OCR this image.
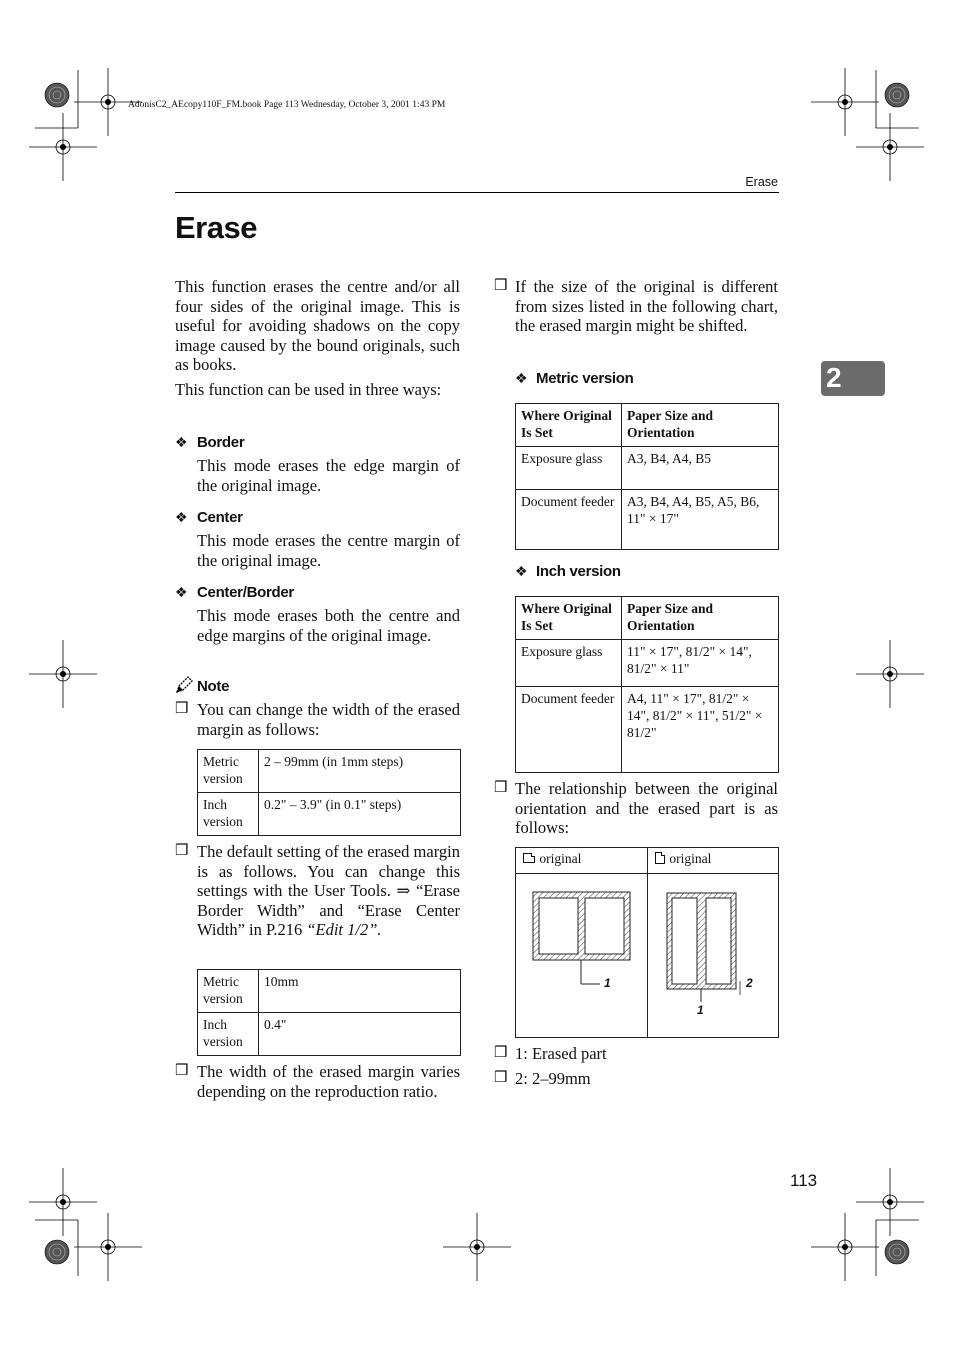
AdonisC2_AEcopy110F_FM.book Page 113 Wednesday, October 3, 2001 1:43 PM
Erase
Erase
2

This function erases the centre and/or all four sides of the original image. This is useful for avoiding shadows on the copy image caused by the bound originals, such as books.

This function can be used in three ways:

❖ Border

This mode erases the edge margin of the original image.

❖ Center

This mode erases the centre margin of the original image.

❖ Center/Border

This mode erases both the centre and edge margins of the original image.

Note
❒ You can change the width of the erased margin as follows:

Metric version	2 – 99mm (in 1mm steps)
Inch version	0.2" – 3.9" (in 0.1" steps)
❒ The default setting of the erased margin is as follows. You can change this settings with the User Tools. ⇒ “Erase Border Width” and “Erase Center Width” in P.216 “Edit 1/2”.

Metric version	10mm
Inch version	0.4"
❒ The width of the erased margin varies depending on the reproduction ratio.

❒ If the size of the original is different from sizes listed in the following chart, the erased margin might be shifted.

❖ Metric version
Where Original Is Set	Paper Size and Orientation
Exposure glass	A3, B4, A4, B5
Document feeder	A3, B4, A4, B5, A5, B6, 11" × 17"
❖ Inch version
Where Original Is Set	Paper Size and Orientation
Exposure glass	11" × 17", 81/2" × 14", 81/2" × 11"
Document feeder	A4, 11" × 17", 81/2" × 14", 81/2" × 11", 51/2" × 81/2"
❒ The relationship between the original orientation and the erased part is as follows:

original	original
1
1
2
❒ 1: Erased part
❒ 2: 2–99mm
113
